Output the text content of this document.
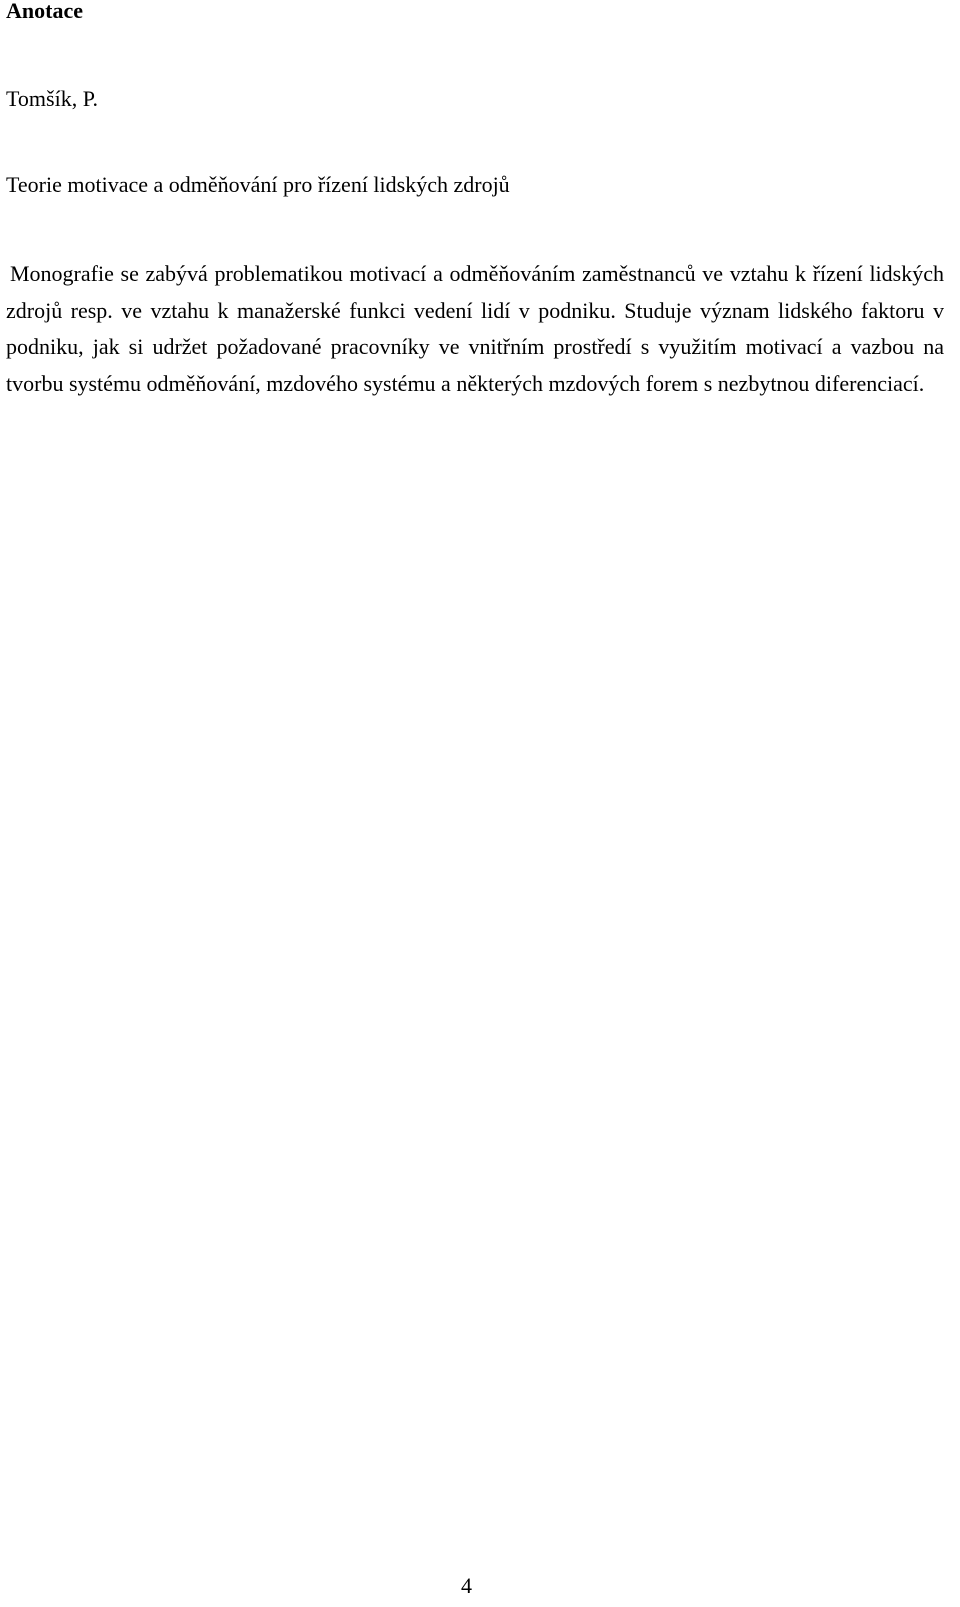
Anotace

Tomšík, P.

Teorie motivace a odměňování pro řízení lidských zdrojů

Monografie se zabývá problematikou motivací a odměňováním zaměstnanců ve vztahu k řízení lidských zdrojů resp. ve vztahu k manažerské funkci vedení lidí v podniku. Studuje význam lidského faktoru v podniku, jak si udržet požadované pracovníky ve vnitřním prostředí s využitím motivací a vazbou na tvorbu systému odměňování, mzdového systému a některých mzdových forem s nezbytnou diferenciací.

4
